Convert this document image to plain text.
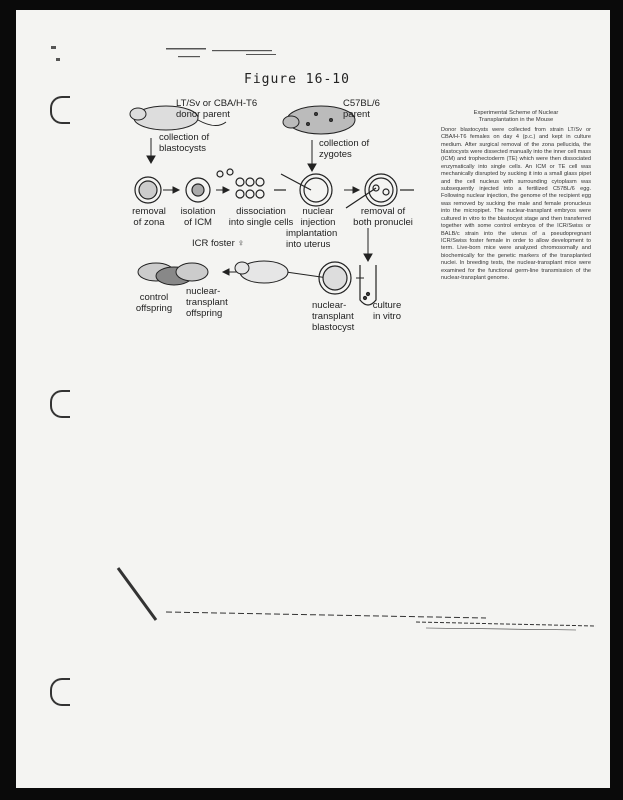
Figure 16-10
LT/Sv or CBA/H-T6
donor parent
collection of
blastocysts
C57BL/6
parent
collection of
zygotes
removal
of zona
isolation
of ICM
dissociation
into single cells
nuclear
injection
removal of
both pronuclei
ICR foster ♀
implantation
into uterus
control
offspring
nuclear-
transplant
offspring
nuclear-
transplant
blastocyst
culture
in vitro
Experimental Scheme of Nuclear
Transplantation in the Mouse
Donor blastocysts were collected from strain LT/Sv or CBA/H-T6 females on day 4 (p.c.) and kept in culture medium. After surgical removal of the zona pellucida, the blastocysts were dissected manually into the inner cell mass (ICM) and trophectoderm (TE) which were then dissociated enzymatically into single cells. An ICM or TE cell was mechanically disrupted by sucking it into a small glass pipet and the cell nucleus with surrounding cytoplasm was subsequently injected into a fertilized C57BL/6 egg. Following nuclear injection, the genome of the recipient egg was removed by sucking the male and female pronucleus into the micropipet. The nuclear-transplant embryos were cultured in vitro to the blastocyst stage and then transferred together with some control embryos of the ICR/Swiss or BALB/c strain into the uterus of a pseudopregnant ICR/Swiss foster female in order to allow development to term. Live-born mice were analyzed chromosomally and biochemically for the genetic markers of the transplanted nuclei. In breeding tests, the nuclear-transplant mice were examined for the functional germ-line transmission of the nuclear-transplant genome.
